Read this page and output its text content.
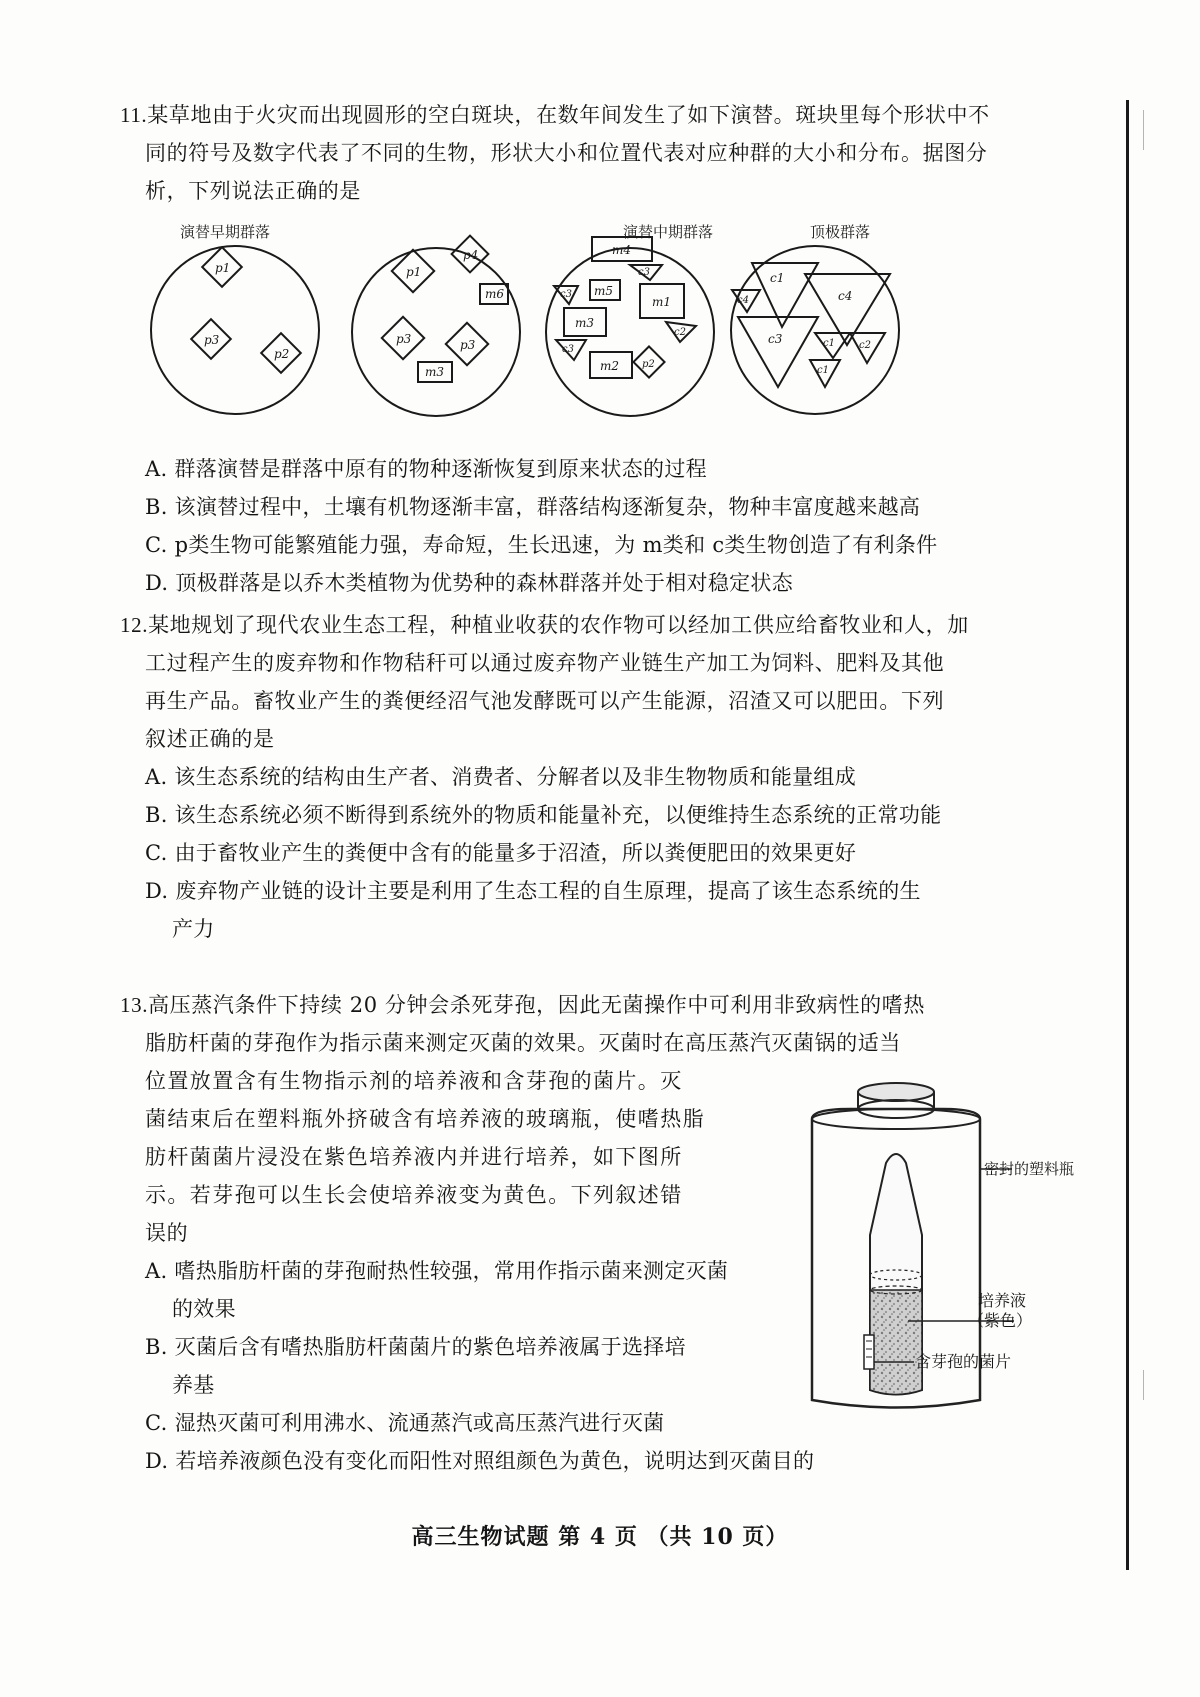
11.某草地由于火灾而出现圆形的空白斑块，在数年间发生了如下演替。斑块里每个形状中不
同的符号及数字代表了不同的生物，形状大小和位置代表对应种群的大小和分布。据图分
析，下列说法正确的是
演替早期群落	演替中期群落	顶极群落
p1
p3
p2
p1
p4
m6
p3	p3
m3
m4
c3
c3 m5
m1
m3
c2
c3
m2 p2
c1
c4	c4
c3	c1 c2
c1
A. 群落演替是群落中原有的物种逐渐恢复到原来状态的过程
B. 该演替过程中，土壤有机物逐渐丰富，群落结构逐渐复杂，物种丰富度越来越高
C. p类生物可能繁殖能力强，寿命短，生长迅速，为 m类和 c类生物创造了有利条件
D. 顶极群落是以乔木类植物为优势种的森林群落并处于相对稳定状态
12.某地规划了现代农业生态工程，种植业收获的农作物可以经加工供应给畜牧业和人，加
工过程产生的废弃物和作物秸秆可以通过废弃物产业链生产加工为饲料、肥料及其他
再生产品。畜牧业产生的粪便经沼气池发酵既可以产生能源，沼渣又可以肥田。下列
叙述正确的是
A. 该生态系统的结构由生产者、消费者、分解者以及非生物物质和能量组成
B. 该生态系统必须不断得到系统外的物质和能量补充，以便维持生态系统的正常功能
C. 由于畜牧业产生的粪便中含有的能量多于沼渣，所以粪便肥田的效果更好
D. 废弃物产业链的设计主要是利用了生态工程的自生原理，提高了该生态系统的生
产力
13.高压蒸汽条件下持续 20 分钟会杀死芽孢，因此无菌操作中可利用非致病性的嗜热
脂肪杆菌的芽孢作为指示菌来测定灭菌的效果。灭菌时在高压蒸汽灭菌锅的适当
位置放置含有生物指示剂的培养液和含芽孢的菌片。灭
菌结束后在塑料瓶外挤破含有培养液的玻璃瓶，使嗜热脂
肪杆菌菌片浸没在紫色培养液内并进行培养，如下图所
示。若芽孢可以生长会使培养液变为黄色。下列叙述错
误的
A. 嗜热脂肪杆菌的芽孢耐热性较强，常用作指示菌来测定灭菌
的效果
B. 灭菌后含有嗜热脂肪杆菌菌片的紫色培养液属于选择培
养基
C. 湿热灭菌可利用沸水、流通蒸汽或高压蒸汽进行灭菌
D. 若培养液颜色没有变化而阳性对照组颜色为黄色，说明达到灭菌目的
密封的塑料瓶
培养液
（紫色）
含芽孢的菌片
高三生物试题 第 4 页 （共 10 页）
